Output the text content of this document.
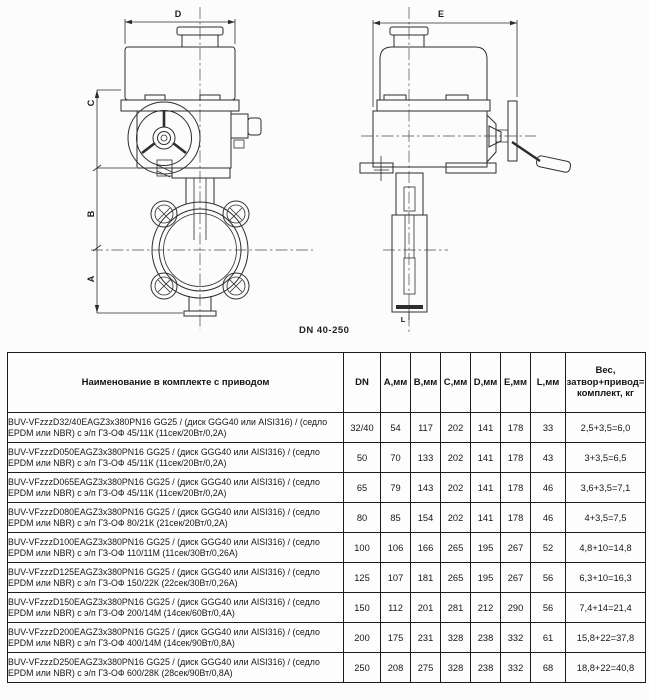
D
C
B
A
E
L
DN 40-250
Наименование в комплекте с приводом	DN	A,мм	B,мм	C,мм	D,мм	E,мм	L,мм	Вес,
затвор+привод=
комплект, кг

BUV-VFzzzD32/40EAGZ3x380PN16 GG25 / (диск GGG40 или AISI316) / (седло EPDM или NBR) с э/п ГЗ-ОФ 45/11К (11сек/20Вт/0,2А)	32/40	54	117	202	141	178	33	2,5+3,5=6,0
BUV-VFzzzD050EAGZ3x380PN16 GG25 / (диск GGG40 или AISI316) / (седло EPDM или NBR) с э/п ГЗ-ОФ 45/11К (11сек/20Вт/0,2А)	50	70	133	202	141	178	43	3+3,5=6,5
BUV-VFzzzD065EAGZ3x380PN16 GG25 / (диск GGG40 или AISI316) / (седло EPDM или NBR) с э/п ГЗ-ОФ 45/11К (11сек/20Вт/0,2А)	65	79	143	202	141	178	46	3,6+3,5=7,1
BUV-VFzzzD080EAGZ3x380PN16 GG25 / (диск GGG40 или AISI316) / (седло EPDM или NBR) с э/п ГЗ-ОФ 80/21К (21сек/20Вт/0,2А)	80	85	154	202	141	178	46	4+3,5=7,5
BUV-VFzzzD100EAGZ3x380PN16 GG25 / (диск GGG40 или AISI316) / (седло EPDM или NBR) с э/п ГЗ-ОФ 110/11М (11сек/30Вт/0,26А)	100	106	166	265	195	267	52	4,8+10=14,8
BUV-VFzzzD125EAGZ3x380PN16 GG25 / (диск GGG40 или AISI316) / (седло EPDM или NBR) с э/п ГЗ-ОФ 150/22К (22сек/30Вт/0,26А)	125	107	181	265	195	267	56	6,3+10=16,3
BUV-VFzzzD150EAGZ3x380PN16 GG25 / (диск GGG40 или AISI316) / (седло EPDM или NBR) с э/п ГЗ-ОФ 200/14М (14сек/60Вт/0,4А)	150	112	201	281	212	290	56	7,4+14=21,4
BUV-VFzzzD200EAGZ3x380PN16 GG25 / (диск GGG40 или AISI316) / (седло EPDM или NBR) с э/п ГЗ-ОФ 400/14М (14сек/90Вт/0,8А)	200	175	231	328	238	332	61	15,8+22=37,8
BUV-VFzzzD250EAGZ3x380PN16 GG25 / (диск GGG40 или AISI316) / (седло EPDM или NBR) с э/п ГЗ-ОФ 600/28К (28сек/90Вт/0,8А)	250	208	275	328	238	332	68	18,8+22=40,8
